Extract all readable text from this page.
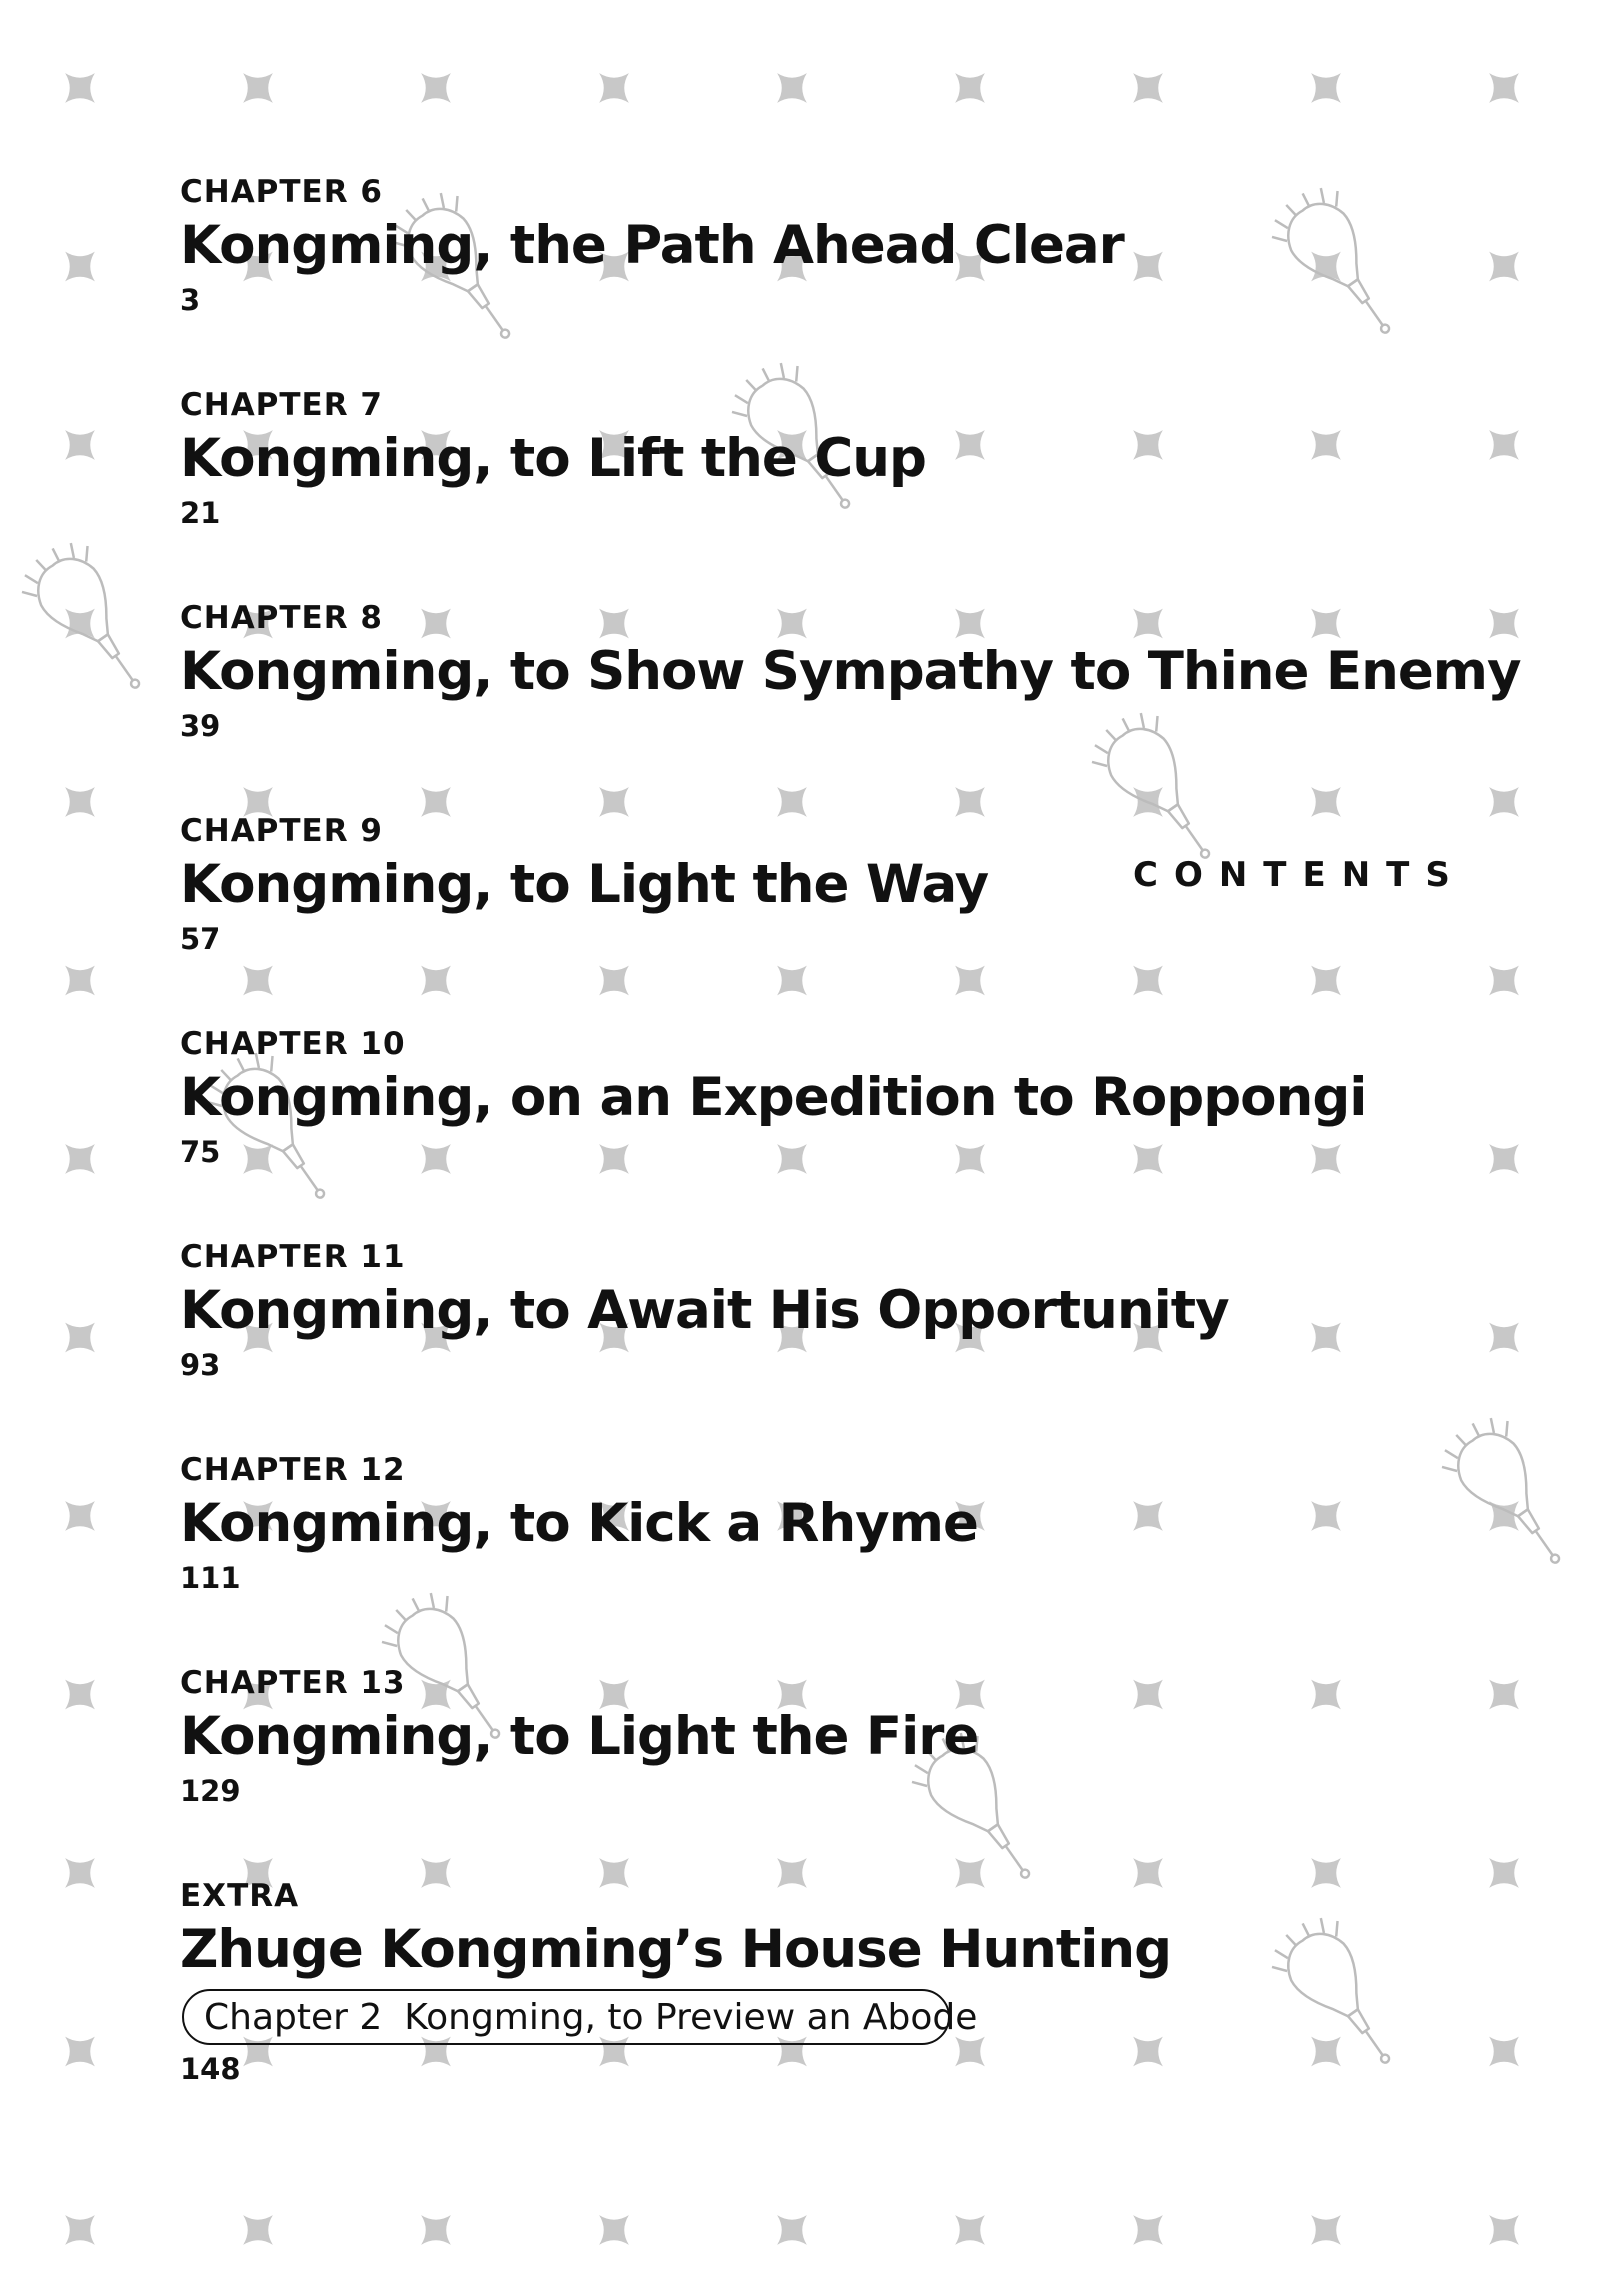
CHAPTER 6
Kongming, the Path Ahead Clear
3
CHAPTER 7
Kongming, to Lift the Cup
21
CHAPTER 8
Kongming, to Show Sympathy to Thine Enemy
39
CHAPTER 9
Kongming, to Light the Way
57
CHAPTER 10
Kongming, on an Expedition to Roppongi
75
CHAPTER 11
Kongming, to Await His Opportunity
93
CHAPTER 12
Kongming, to Kick a Rhyme
111
CHAPTER 13
Kongming, to Light the Fire
129
EXTRA
Zhuge Kongming’s House Hunting
Chapter 2 Kongming, to Preview an Abode
148
CONTENTS
